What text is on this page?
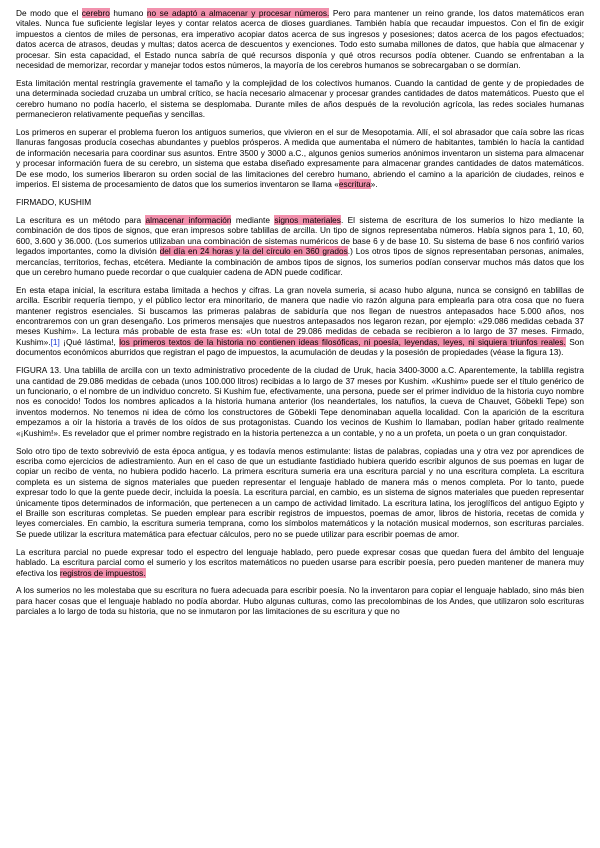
De modo que el cerebro humano no se adaptó a almacenar y procesar números. Pero para mantener un reino grande, los datos matemáticos eran vitales. Nunca fue suficiente legislar leyes y contar relatos acerca de dioses guardianes. También había que recaudar impuestos. Con el fin de exigir impuestos a cientos de miles de personas, era imperativo acopiar datos acerca de sus ingresos y posesiones; datos acerca de los pagos efectuados; datos acerca de atrasos, deudas y multas; datos acerca de descuentos y exenciones. Todo esto sumaba millones de datos, que había que almacenar y procesar. Sin esta capacidad, el Estado nunca sabría de qué recursos disponía y qué otros recursos podía obtener. Cuando se enfrentaban a la necesidad de memorizar, recordar y manejar todos estos números, la mayoría de los cerebros humanos se sobrecargaban o se dormían.

Esta limitación mental restringía gravemente el tamaño y la complejidad de los colectivos humanos. Cuando la cantidad de gente y de propiedades de una determinada sociedad cruzaba un umbral crítico, se hacía necesario almacenar y procesar grandes cantidades de datos matemáticos. Puesto que el cerebro humano no podía hacerlo, el sistema se desplomaba. Durante miles de años después de la revolución agrícola, las redes sociales humanas permanecieron relativamente pequeñas y sencillas.

Los primeros en superar el problema fueron los antiguos sumerios, que vivieron en el sur de Mesopotamia. Allí, el sol abrasador que caía sobre las ricas llanuras fangosas producía cosechas abundantes y pueblos prósperos. A medida que aumentaba el número de habitantes, también lo hacía la cantidad de información necesaria para coordinar sus asuntos. Entre 3500 y 3000 a.C., algunos genios sumerios anónimos inventaron un sistema para almacenar y procesar información fuera de su cerebro, un sistema que estaba diseñado expresamente para almacenar grandes cantidades de datos matemáticos. De ese modo, los sumerios liberaron su orden social de las limitaciones del cerebro humano, abriendo el camino a la aparición de ciudades, reinos e imperios. El sistema de procesamiento de datos que los sumerios inventaron se llama «escritura».

FIRMADO, KUSHIM

La escritura es un método para almacenar información mediante signos materiales. El sistema de escritura de los sumerios lo hizo mediante la combinación de dos tipos de signos, que eran impresos sobre tablillas de arcilla. Un tipo de signos representaba números. Había signos para 1, 10, 60, 600, 3.600 y 36.000. (Los sumerios utilizaban una combinación de sistemas numéricos de base 6 y de base 10. Su sistema de base 6 nos confirió varios legados importantes, como la división del día en 24 horas y la del círculo en 360 grados.) Los otros tipos de signos representaban personas, animales, mercancías, territorios, fechas, etcétera. Mediante la combinación de ambos tipos de signos, los sumerios podían conservar muchos más datos que los que un cerebro humano puede recordar o que cualquier cadena de ADN puede codificar.

En esta etapa inicial, la escritura estaba limitada a hechos y cifras. La gran novela sumeria, si acaso hubo alguna, nunca se consignó en tablillas de arcilla. Escribir requería tiempo, y el público lector era minoritario, de manera que nadie vio razón alguna para emplearla para otra cosa que no fuera mantener registros esenciales. Si buscamos las primeras palabras de sabiduría que nos llegan de nuestros antepasados hace 5.000 años, nos encontraremos con un gran desengaño. Los primeros mensajes que nuestros antepasados nos legaron rezan, por ejemplo: «29.086 medidas cebada 37 meses Kushim». La lectura más probable de esta frase es: «Un total de 29.086 medidas de cebada se recibieron a lo largo de 37 meses. Firmado, Kushim».[1] ¡Qué lástima!, los primeros textos de la historia no contienen ideas filosóficas, ni poesía, leyendas, leyes, ni siquiera triunfos reales. Son documentos económicos aburridos que registran el pago de impuestos, la acumulación de deudas y la posesión de propiedades (véase la figura 13).

FIGURA 13. Una tablilla de arcilla con un texto administrativo procedente de la ciudad de Uruk, hacia 3400-3000 a.C. Aparentemente, la tablilla registra una cantidad de 29.086 medidas de cebada (unos 100.000 litros) recibidas a lo largo de 37 meses por Kushim. «Kushim» puede ser el título genérico de un funcionario, o el nombre de un individuo concreto. Si Kushim fue, efectivamente, una persona, puede ser el primer individuo de la historia cuyo nombre nos es conocido! Todos los nombres aplicados a la historia humana anterior (los neandertales, los natufios, la cueva de Chauvet, Göbekli Tepe) son inventos modernos. No tenemos ni idea de cómo los constructores de Göbekli Tepe denominaban aquella localidad. Con la aparición de la escritura empezamos a oír la historia a través de los oídos de sus protagonistas. Cuando los vecinos de Kushim lo llamaban, podían haber gritado realmente «¡Kushim!». Es revelador que el primer nombre registrado en la historia pertenezca a un contable, y no a un profeta, un poeta o un gran conquistador.

Solo otro tipo de texto sobrevivió de esta época antigua, y es todavía menos estimulante: listas de palabras, copiadas una y otra vez por aprendices de escriba como ejercicios de adiestramiento. Aun en el caso de que un estudiante fastidiado hubiera querido escribir algunos de sus poemas en lugar de copiar un recibo de venta, no hubiera podido hacerlo. La primera escritura sumeria era una escritura parcial y no una escritura completa. La escritura completa es un sistema de signos materiales que pueden representar el lenguaje hablado de manera más o menos completa. Por lo tanto, puede expresar todo lo que la gente puede decir, incluida la poesía. La escritura parcial, en cambio, es un sistema de signos materiales que pueden representar únicamente tipos determinados de información, que pertenecen a un campo de actividad limitado. La escritura latina, los jeroglíficos del antiguo Egipto y el Braille son escrituras completas. Se pueden emplear para escribir registros de impuestos, poemas de amor, libros de historia, recetas de comida y leyes comerciales. En cambio, la escritura sumeria temprana, como los símbolos matemáticos y la notación musical modernos, son escrituras parciales. Se puede utilizar la escritura matemática para efectuar cálculos, pero no se puede utilizar para escribir poemas de amor.

La escritura parcial no puede expresar todo el espectro del lenguaje hablado, pero puede expresar cosas que quedan fuera del ámbito del lenguaje hablado. La escritura parcial como el sumerio y los escritos matemáticos no pueden usarse para escribir poesía, pero pueden mantener de manera muy efectiva los registros de impuestos.

A los sumerios no les molestaba que su escritura no fuera adecuada para escribir poesía. No la inventaron para copiar el lenguaje hablado, sino más bien para hacer cosas que el lenguaje hablado no podía abordar. Hubo algunas culturas, como las precolombinas de los Andes, que utilizaron solo escrituras parciales a lo largo de toda su historia, que no se inmutaron por las limitaciones de su escritura y que no
